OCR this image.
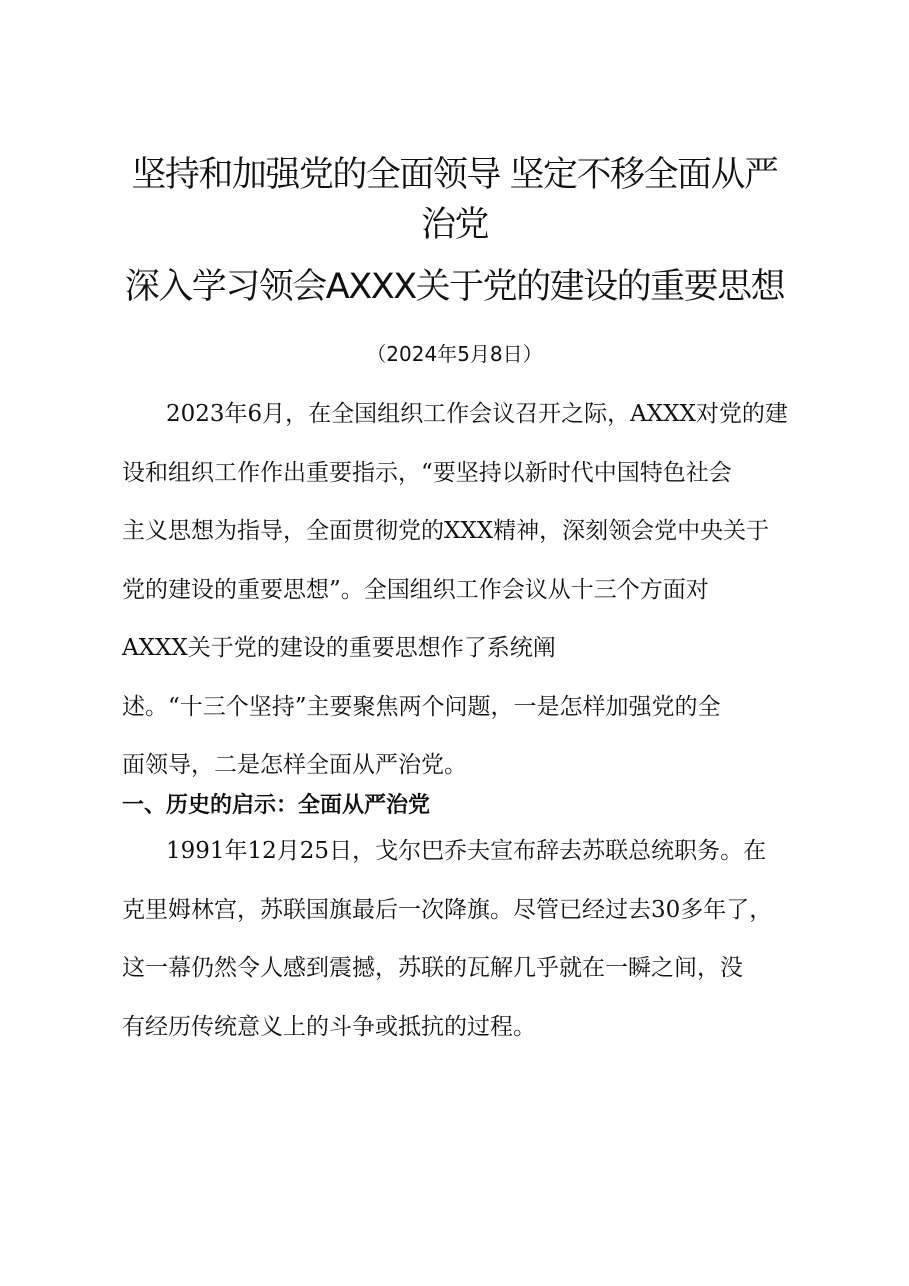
坚持和加强党的全面领导 坚定不移全面从严
治党
深入学习领会AXXX关于党的建设的重要思想
（2024年5月8日）
2023年6月，在全国组织工作会议召开之际，AXXX对党的建
设和组织工作作出重要指示，“要坚持以新时代中国特色社会
主义思想为指导，全面贯彻党的XXX精神，深刻领会党中央关于
党的建设的重要思想”。全国组织工作会议从十三个方面对
AXXX关于党的建设的重要思想作了系统阐
述。“十三个坚持”主要聚焦两个问题，一是怎样加强党的全
面领导，二是怎样全面从严治党。
一、历史的启示：全面从严治党
1991年12月25日，戈尔巴乔夫宣布辞去苏联总统职务。在
克里姆林宫，苏联国旗最后一次降旗。尽管已经过去30多年了，
这一幕仍然令人感到震撼，苏联的瓦解几乎就在一瞬之间，没
有经历传统意义上的斗争或抵抗的过程。
